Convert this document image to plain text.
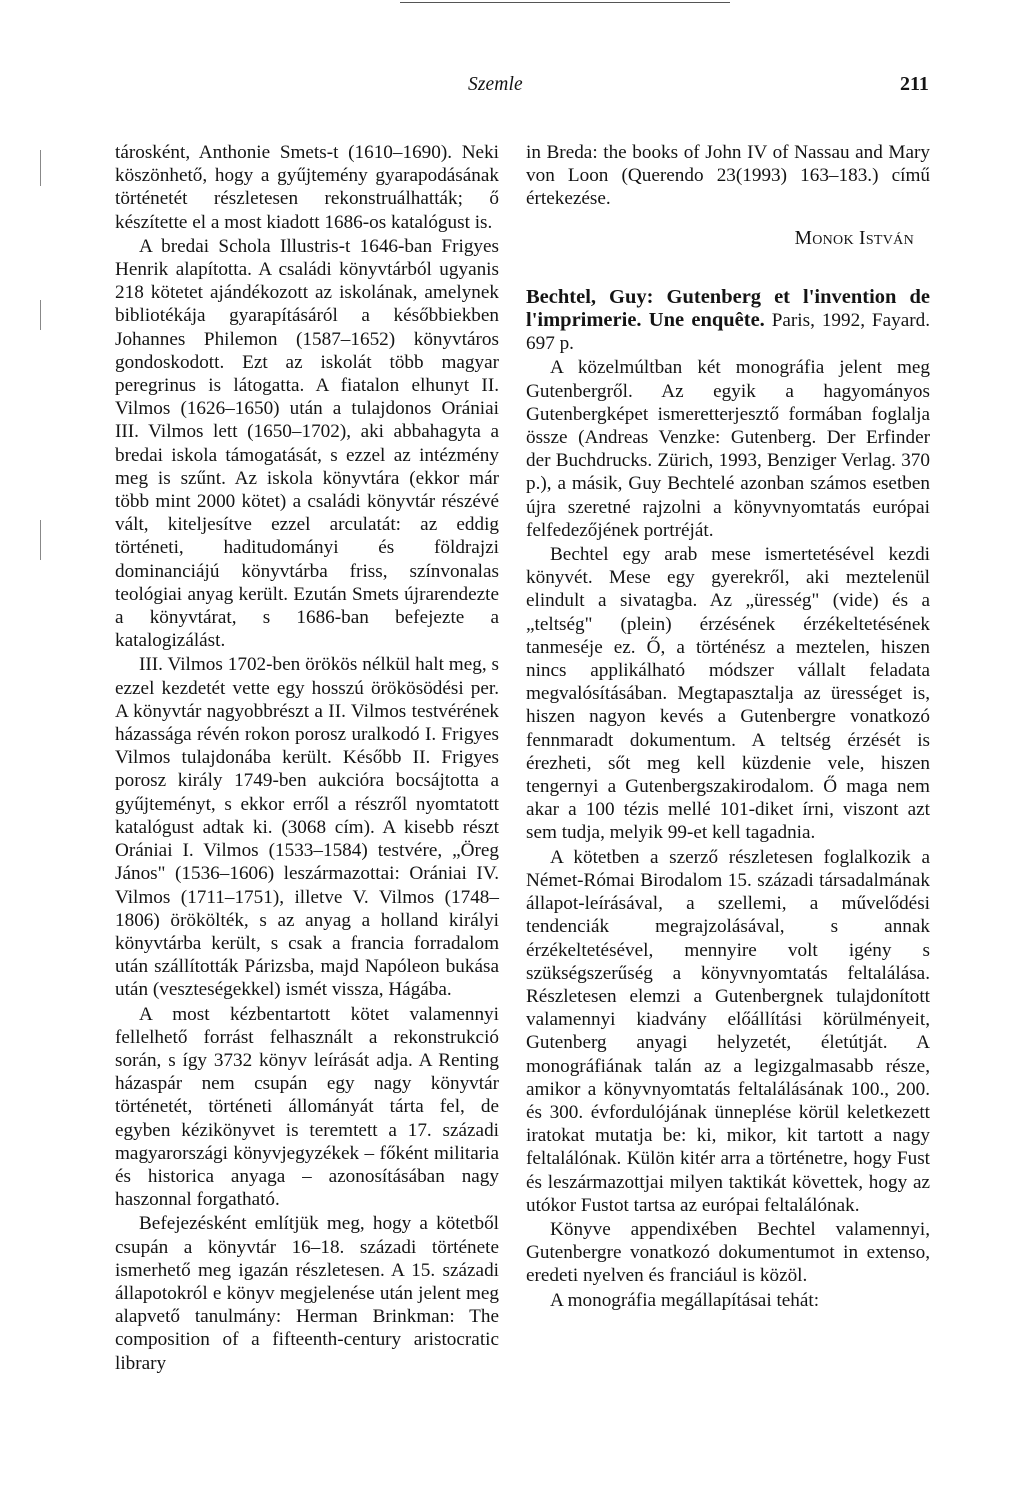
Szemle	211

tárosként, Anthonie Smets-t (1610–1690). Neki köszönhető, hogy a gyűjtemény gyarapodásának történetét részletesen rekonstruálhatták; ő készítette el a most kiadott 1686-os katalógust is.

A bredai Schola Illustris-t 1646-ban Frigyes Henrik alapította. A családi könyvtárból ugyanis 218 kötetet ajándékozott az iskolának, amelynek bibliotékája gyarapításáról a későbbiekben Johannes Philemon (1587–1652) könyvtáros gondoskodott. Ezt az iskolát több magyar peregrinus is látogatta. A fiatalon elhunyt II. Vilmos (1626–1650) után a tulajdonos Orániai III. Vilmos lett (1650–1702), aki abbahagyta a bredai iskola támogatását, s ezzel az intézmény meg is szűnt. Az iskola könyvtára (ekkor már több mint 2000 kötet) a családi könyvtár részévé vált, kiteljesítve ezzel arculatát: az eddig történeti, haditudományi és földrajzi dominanciájú könyvtárba friss, színvonalas teológiai anyag került. Ezután Smets újrarendezte a könyvtárat, s 1686-ban befejezte a katalogizálást.

III. Vilmos 1702-ben örökös nélkül halt meg, s ezzel kezdetét vette egy hosszú örökösödési per. A könyvtár nagyobbrészt a II. Vilmos testvérének házassága révén rokon porosz uralkodó I. Frigyes Vilmos tulajdonába került. Később II. Frigyes porosz király 1749-ben aukcióra bocsájtotta a gyűjteményt, s ekkor erről a részről nyomtatott katalógust adtak ki. (3068 cím). A kisebb részt Orániai I. Vilmos (1533–1584) testvére, „Öreg János" (1536–1606) leszármazottai: Orániai IV. Vilmos (1711–1751), illetve V. Vilmos (1748–1806) örökölték, s az anyag a holland királyi könyvtárba került, s csak a francia forradalom után szállították Párizsba, majd Napóleon bukása után (veszteségekkel) ismét vissza, Hágába.

A most kézbentartott kötet valamennyi fellelhető forrást felhasznált a rekonstrukció során, s így 3732 könyv leírását adja. A Renting házaspár nem csupán egy nagy könyvtár történetét, történeti állományát tárta fel, de egyben kézikönyvet is teremtett a 17. századi magyarországi könyvjegyzékek – főként militaria és historica anyaga – azonosításában nagy haszonnal forgatható.

Befejezésként említjük meg, hogy a kötetből csupán a könyvtár 16–18. századi története ismerhető meg igazán részletesen. A 15. századi állapotokról e könyv megjelenése után jelent meg alapvető tanulmány: Herman Brinkman: The composition of a fifteenth-century aristocratic library

in Breda: the books of John IV of Nassau and Mary von Loon (Querendo 23(1993) 163–183.) című értekezése.

Monok István

Bechtel, Guy: Gutenberg et l'invention de l'imprimerie. Une enquête. Paris, 1992, Fayard. 697 p.

A közelmúltban két monográfia jelent meg Gutenbergről. Az egyik a hagyományos Gutenbergképet ismeretterjesztő formában foglalja össze (Andreas Venzke: Gutenberg. Der Erfinder der Buchdrucks. Zürich, 1993, Benziger Verlag. 370 p.), a másik, Guy Bechtelé azonban számos esetben újra szeretné rajzolni a könyvnyomtatás európai felfedezőjének portréját.

Bechtel egy arab mese ismertetésével kezdi könyvét. Mese egy gyerekről, aki meztelenül elindult a sivatagba. Az „üresség" (vide) és a „teltség" (plein) érzésének érzékeltetésének tanmeséje ez. Ő, a történész a meztelen, hiszen nincs applikálható módszer vállalt feladata megvalósításában. Megtapasztalja az ürességet is, hiszen nagyon kevés a Gutenbergre vonatkozó fennmaradt dokumentum. A teltség érzését is érezheti, sőt meg kell küzdenie vele, hiszen tengernyi a Gutenbergszakirodalom. Ő maga nem akar a 100 tézis mellé 101-diket írni, viszont azt sem tudja, melyik 99-et kell tagadnia.

A kötetben a szerző részletesen foglalkozik a Német-Római Birodalom 15. századi társadalmának állapot-leírásával, a szellemi, a művelődési tendenciák megrajzolásával, s annak érzékeltetésével, mennyire volt igény s szükségszerűség a könyvnyomtatás feltalálása. Részletesen elemzi a Gutenbergnek tulajdonított valamennyi kiadvány előállítási körülményeit, Gutenberg anyagi helyzetét, életútját. A monográfiának talán az a legizgalmasabb része, amikor a könyvnyomtatás feltalálásának 100., 200. és 300. évfordulójának ünneplése körül keletkezett iratokat mutatja be: ki, mikor, kit tartott a nagy feltalálónak. Külön kitér arra a történetre, hogy Fust és leszármazottjai milyen taktikát követtek, hogy az utókor Fustot tartsa az európai feltalálónak.

Könyve appendixében Bechtel valamennyi, Gutenbergre vonatkozó dokumentumot in extenso, eredeti nyelven és franciául is közöl.

A monográfia megállapításai tehát:
